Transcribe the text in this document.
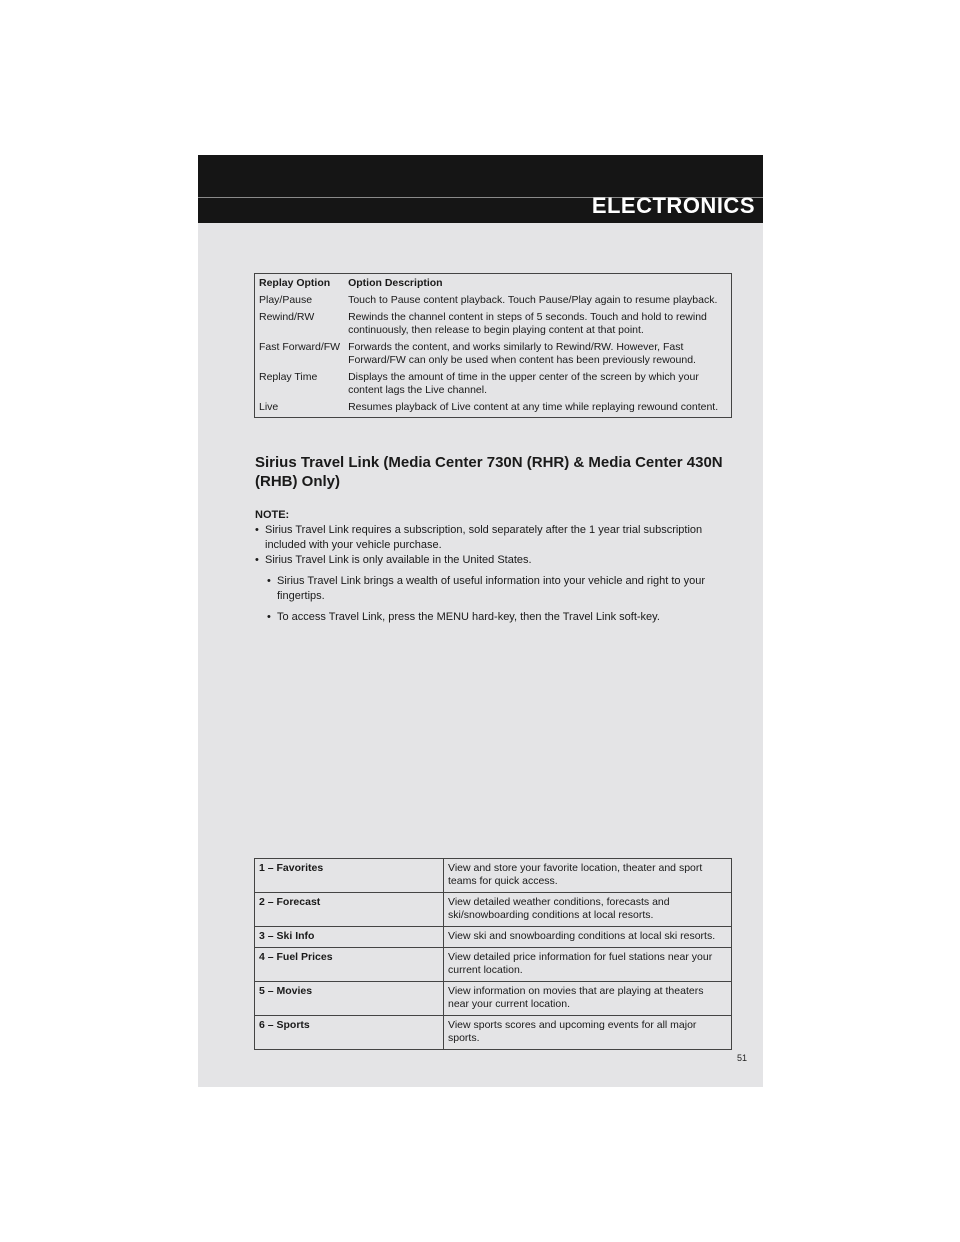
ELECTRONICS
Replay Option	Option Description
Play/Pause	Touch to Pause content playback. Touch Pause/Play again to resume playback.
Rewind/RW	Rewinds the channel content in steps of 5 seconds. Touch and hold to rewind continuously, then release to begin playing content at that point.
Fast Forward/FW	Forwards the content, and works similarly to Rewind/RW. However, Fast Forward/FW can only be used when content has been previously rewound.
Replay Time	Displays the amount of time in the upper center of the screen by which your content lags the Live channel.
Live	Resumes playback of Live content at any time while replaying rewound content.
Sirius Travel Link (Media Center 730N (RHR) & Media Center 430N (RHB) Only)
NOTE:
• Sirius Travel Link requires a subscription, sold separately after the 1 year trial subscription included with your vehicle purchase.
• Sirius Travel Link is only available in the United States.
• Sirius Travel Link brings a wealth of useful information into your vehicle and right to your fingertips.
• To access Travel Link, press the MENU hard-key, then the Travel Link soft-key.
1 – Favorites	View and store your favorite location, theater and sport teams for quick access.
2 – Forecast	View detailed weather conditions, forecasts and ski/snowboarding conditions at local resorts.
3 – Ski Info	View ski and snowboarding conditions at local ski resorts.
4 – Fuel Prices	View detailed price information for fuel stations near your current location.
5 – Movies	View information on movies that are playing at theaters near your current location.
6 – Sports	View sports scores and upcoming events for all major sports.
51
